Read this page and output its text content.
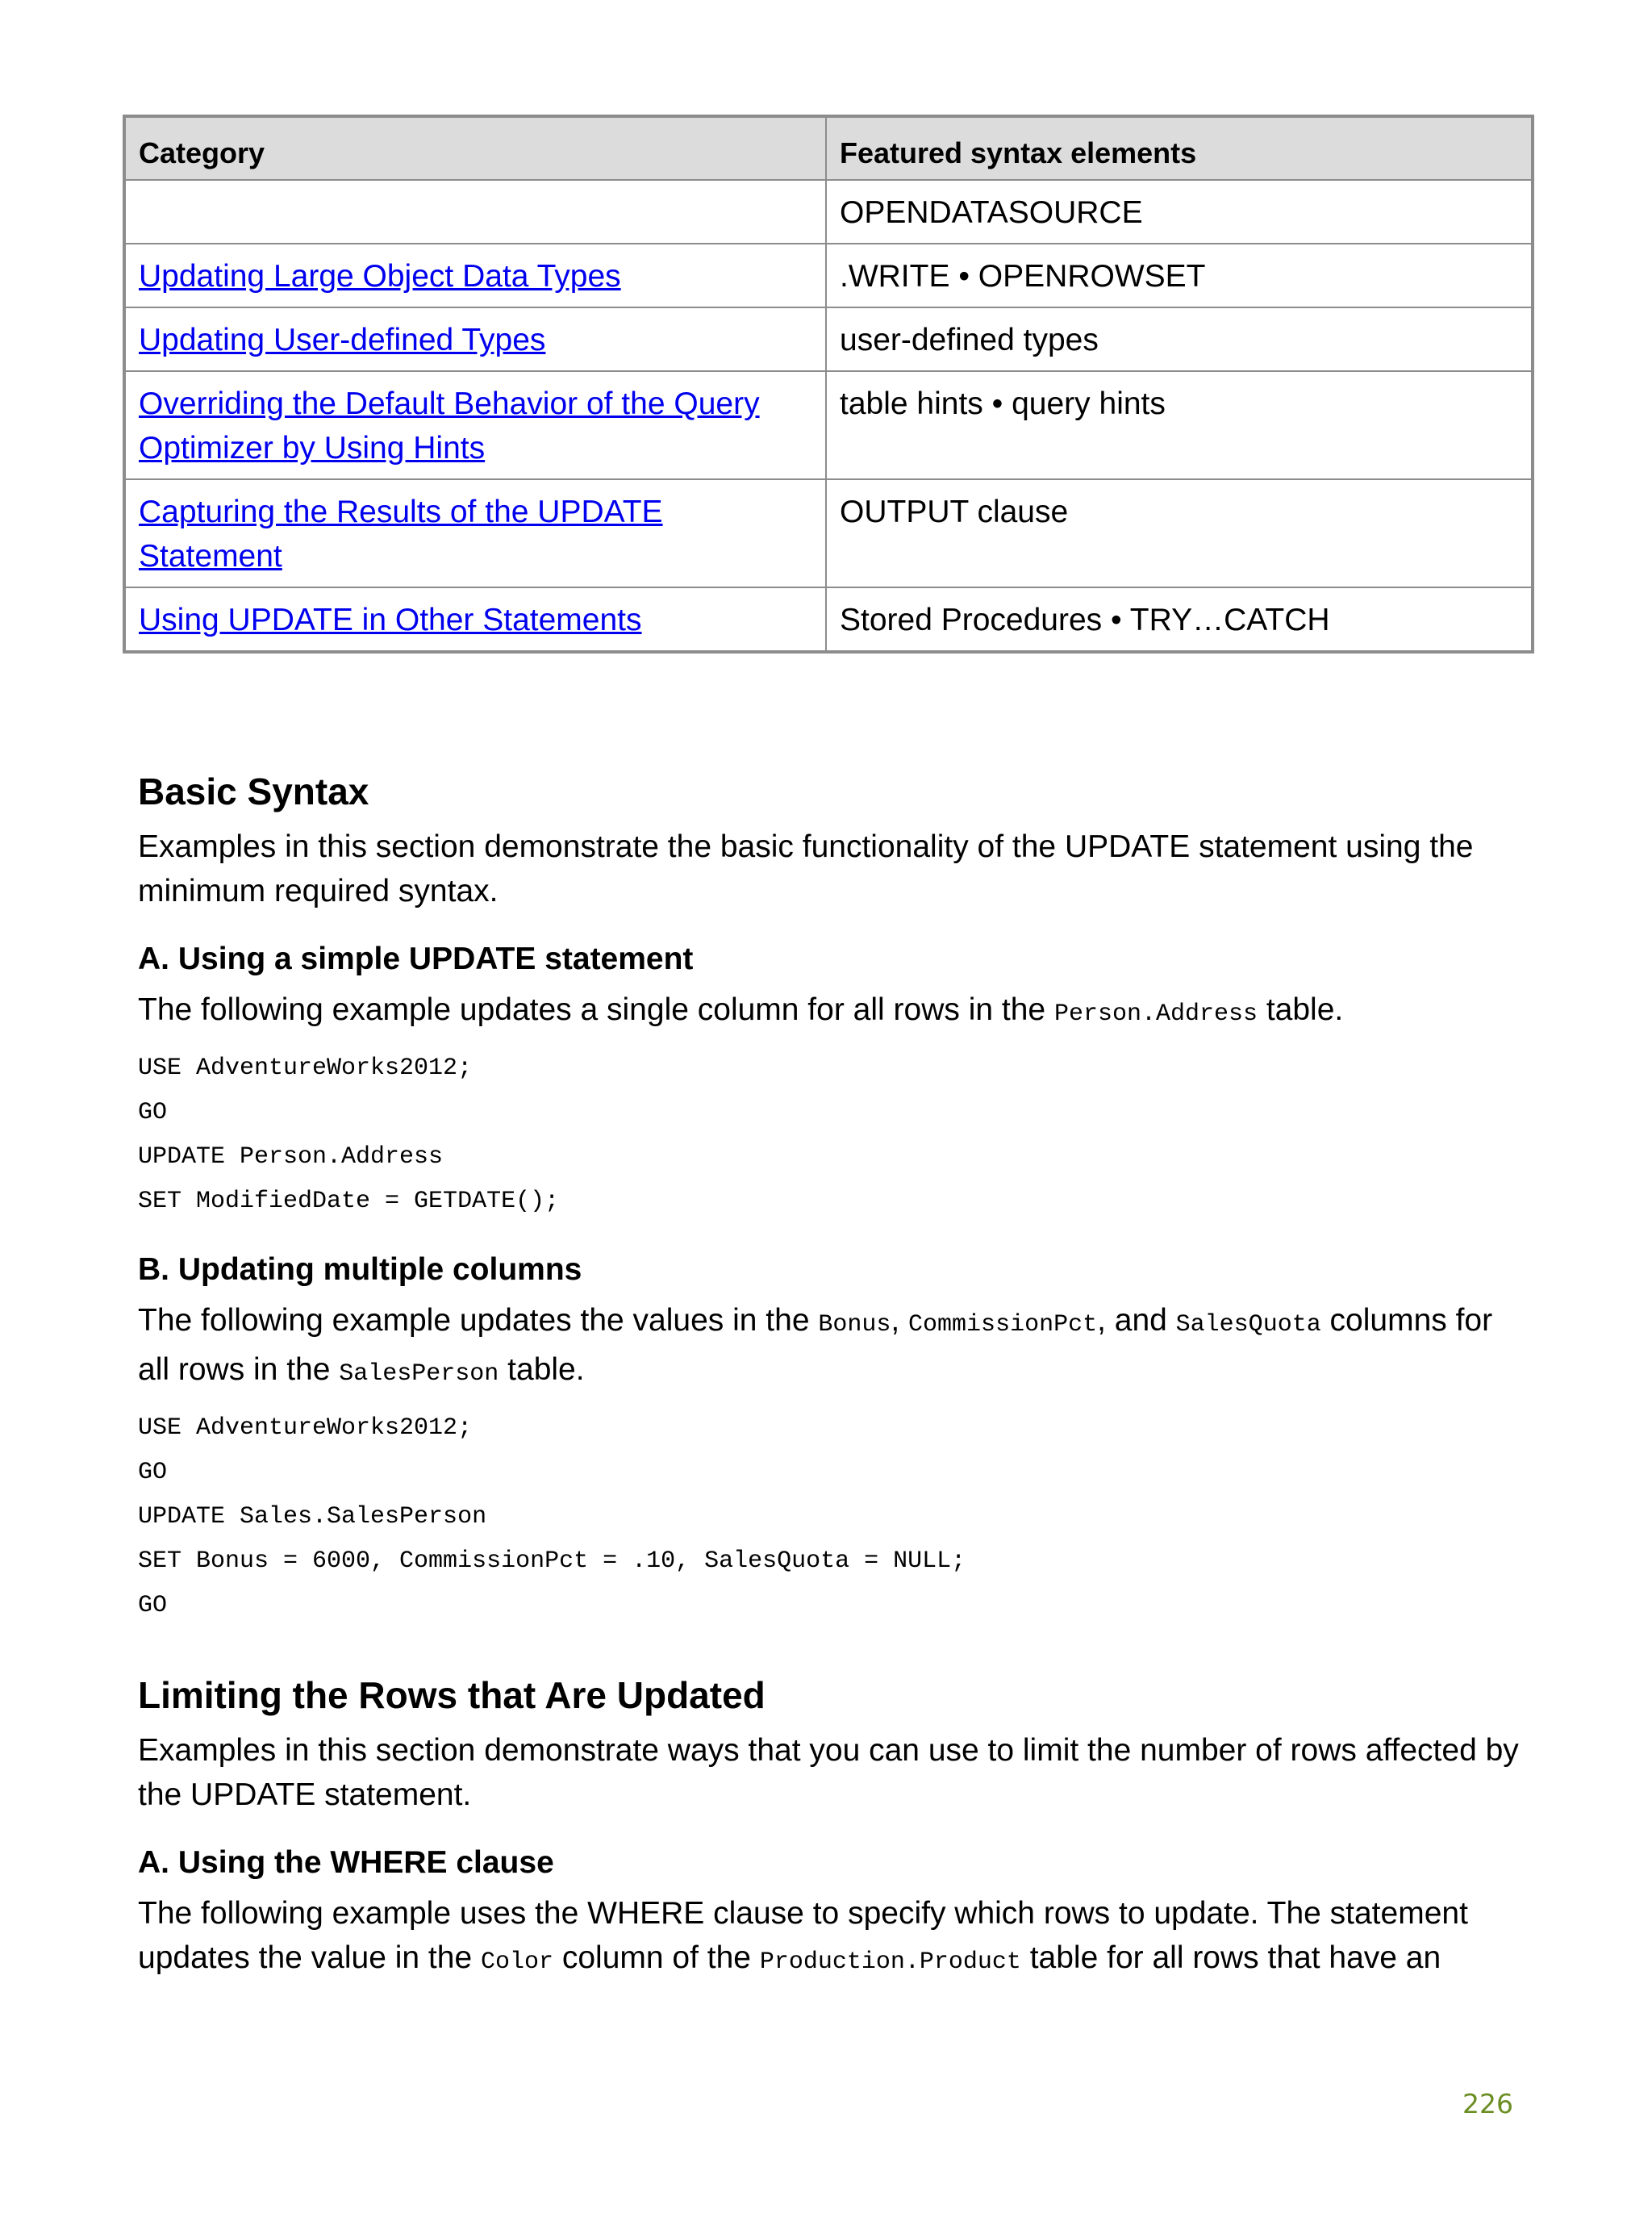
Category	Featured syntax elements
	OPENDATASOURCE
Updating Large Object Data Types	.WRITE • OPENROWSET
Updating User-defined Types	user-defined types
Overriding the Default Behavior of the Query Optimizer by Using Hints	table hints • query hints
Capturing the Results of the UPDATE Statement	OUTPUT clause
Using UPDATE in Other Statements	Stored Procedures • TRY…CATCH
Basic Syntax

Examples in this section demonstrate the basic functionality of the UPDATE statement using the minimum required syntax.

A. Using a simple UPDATE statement

The following example updates a single column for all rows in the Person.Address table.

USE AdventureWorks2012;
GO
UPDATE Person.Address
SET ModifiedDate = GETDATE();
B. Updating multiple columns

The following example updates the values in the Bonus, CommissionPct, and SalesQuota columns for all rows in the SalesPerson table.

USE AdventureWorks2012;
GO
UPDATE Sales.SalesPerson
SET Bonus = 6000, CommissionPct = .10, SalesQuota = NULL;
GO
Limiting the Rows that Are Updated

Examples in this section demonstrate ways that you can use to limit the number of rows affected by the UPDATE statement.

A. Using the WHERE clause

The following example uses the WHERE clause to specify which rows to update. The statement updates the value in the Color column of the Production.Product table for all rows that have an

226
